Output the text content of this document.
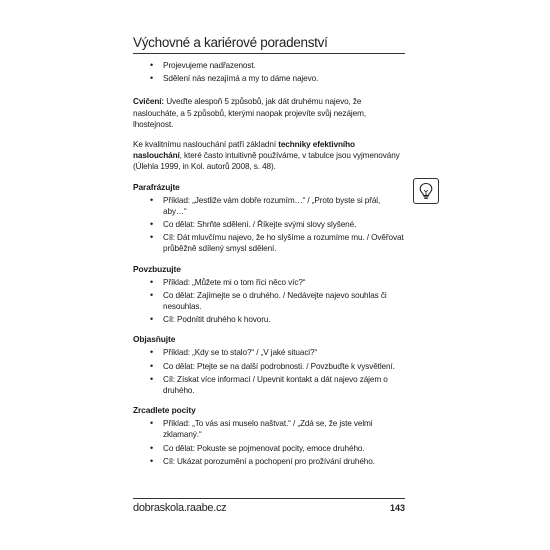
Výchovné a kariérové poradenství
• Projevujeme nadřazenost.
• Sdělení nás nezajímá a my to dáme najevo.

Cvičení: Uveďte alespoň 5 způsobů, jak dát druhému najevo, že nasloucháte, a 5 způsobů, kterými naopak projevíte svůj nezájem, lhostejnost.

Ke kvalitnímu naslouchání patří základní techniky efektivního naslouchání, které často intuitivně používáme, v tabulce jsou vyjmenovány (Úlehla 1999, in Kol. autorů 2008, s. 48).

Parafrázujte
• Příklad: „Jestliže vám dobře rozumím…“ / „Proto byste si přál, aby…“
• Co dělat: Shrňte sdělení. / Říkejte svými slovy slyšené.
• Cíl: Dát mluvčímu najevo, že ho slyšíme a rozumíme mu. / Ověřovat průběžně sdílený smysl sdělení.
Povzbuzujte
• Příklad: „Můžete mi o tom říci něco víc?“
• Co dělat: Zajímejte se o druhého. / Nedávejte najevo souhlas či nesouhlas.
• Cíl: Podnítit druhého k hovoru.
Objasňujte
• Příklad: „Kdy se to stalo?“ / „V jaké situaci?“
• Co dělat: Ptejte se na další podrobnosti. / Povzbuďte k vysvětlení.
• Cíl: Získat více informací / Upevnit kontakt a dát najevo zájem o druhého.
Zrcadlete pocity
• Příklad: „To vás asi muselo naštvat.“ / „Zdá se, že jste velmi zklamaný.“
• Co dělat: Pokuste se pojmenovat pocity, emoce druhého.
• Cíl: Ukázat porozumění a pochopení pro prožívání druhého.
dobraskola.raabe.cz	143
